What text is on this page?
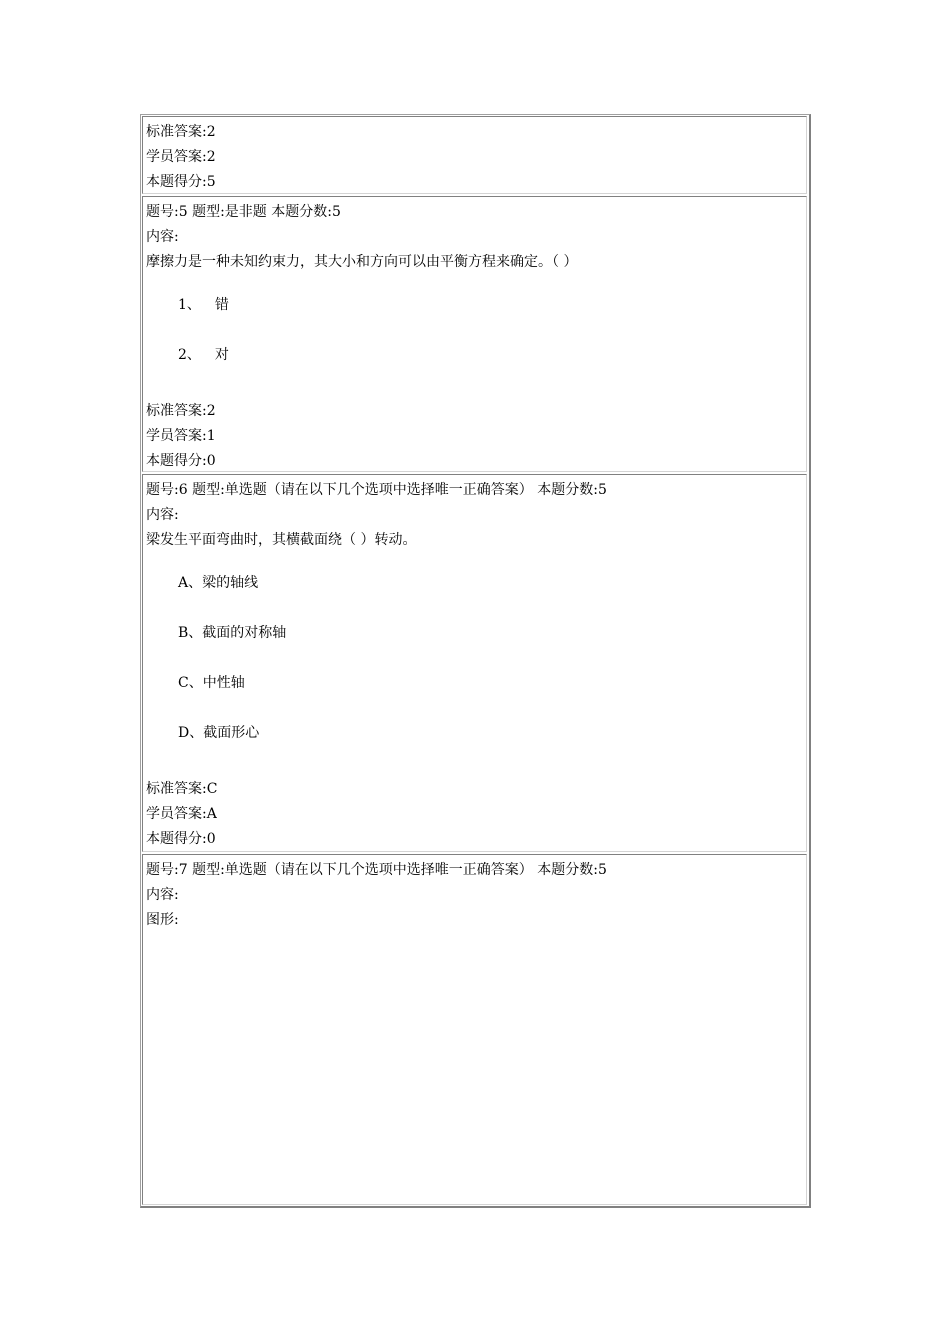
标准答案:2
学员答案:2
本题得分:5
题号:5 题型:是非题 本题分数:5
内容:
摩擦力是一种未知约束力，其大小和方向可以由平衡方程来确定。（ ）
1、 错
2、 对
标准答案:2
学员答案:1
本题得分:0
题号:6 题型:单选题（请在以下几个选项中选择唯一正确答案） 本题分数:5
内容:
梁发生平面弯曲时，其横截面绕（ ）转动。
A、梁的轴线
B、截面的对称轴
C、中性轴
D、截面形心
标准答案:C
学员答案:A
本题得分:0
题号:7 题型:单选题（请在以下几个选项中选择唯一正确答案） 本题分数:5
内容:
图形:
